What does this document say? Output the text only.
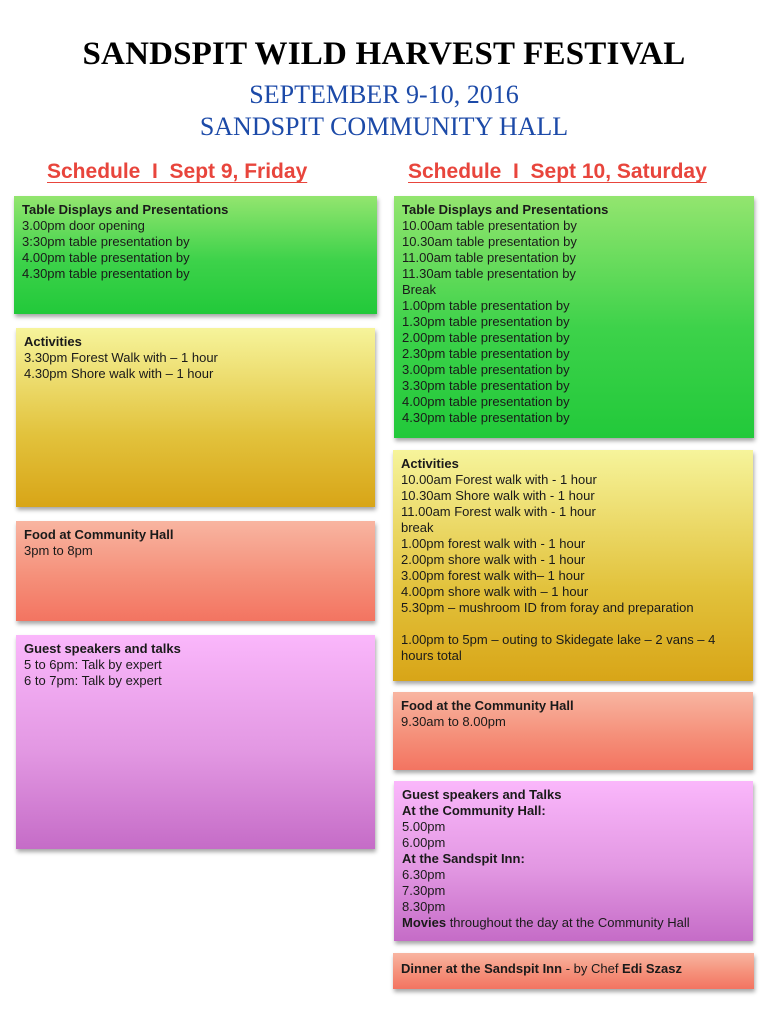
SANDSPIT WILD HARVEST FESTIVAL
SEPTEMBER 9-10, 2016
SANDSPIT COMMUNITY HALL
Schedule  I  Sept 9, Friday	Schedule  I  Sept 10, Saturday
Table Displays and Presentations
3.00pm door opening
3:30pm table presentation by
4.00pm table presentation by
4.30pm table presentation by
Activities
3.30pm Forest Walk with – 1 hour
4.30pm Shore walk with – 1 hour
Food at Community Hall
3pm to 8pm
Guest speakers and talks
5 to 6pm: Talk by expert
6 to 7pm: Talk by expert
Table Displays and Presentations
10.00am table presentation by
10.30am table presentation by
11.00am table presentation by
11.30am table presentation by
Break
1.00pm table presentation by
1.30pm table presentation by
2.00pm table presentation by
2.30pm table presentation by
3.00pm table presentation by
3.30pm table presentation by
4.00pm table presentation by
4.30pm table presentation by
Activities
10.00am Forest walk with - 1 hour
10.30am Shore walk with - 1 hour
11.00am Forest walk with - 1 hour
break
1.00pm forest walk with - 1 hour
2.00pm shore walk with - 1 hour
3.00pm forest walk with– 1 hour
4.00pm shore walk with – 1 hour
5.30pm – mushroom ID from foray and preparation
1.00pm to 5pm – outing to Skidegate lake – 2 vans – 4 hours total
Food at the Community Hall
9.30am to 8.00pm
Guest speakers and Talks
At the Community Hall:
5.00pm
6.00pm
At the Sandspit Inn:
6.30pm
7.30pm
8.30pm
Movies throughout the day at the Community Hall
Dinner at the Sandspit Inn - by Chef Edi Szasz
